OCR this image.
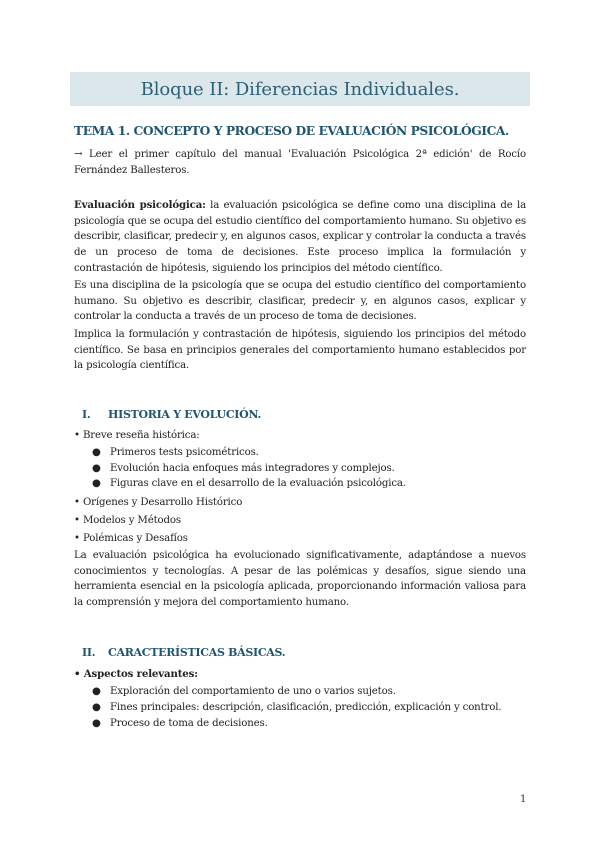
Bloque II: Diferencias Individuales.
TEMA 1. CONCEPTO Y PROCESO DE EVALUACIÓN PSICOLÓGICA.
→ Leer el primer capítulo del manual 'Evaluación Psicológica 2ª edición' de Rocío Fernández Ballesteros.
Evaluación psicológica: la evaluación psicológica se define como una disciplina de la psicología que se ocupa del estudio científico del comportamiento humano. Su objetivo es describir, clasificar, predecir y, en algunos casos, explicar y controlar la conducta a través de un proceso de toma de decisiones. Este proceso implica la formulación y contrastación de hipótesis, siguiendo los principios del método científico.
Es una disciplina de la psicología que se ocupa del estudio científico del comportamiento humano. Su objetivo es describir, clasificar, predecir y, en algunos casos, explicar y controlar la conducta a través de un proceso de toma de decisiones.
Implica la formulación y contrastación de hipótesis, siguiendo los principios del método científico. Se basa en principios generales del comportamiento humano establecidos por la psicología científica.
I. HISTORIA Y EVOLUCIÓN.
• Breve reseña histórica:
● Primeros tests psicométricos.
● Evolución hacia enfoques más integradores y complejos.
● Figuras clave en el desarrollo de la evaluación psicológica.
• Orígenes y Desarrollo Histórico
• Modelos y Métodos
• Polémicas y Desafíos
La evaluación psicológica ha evolucionado significativamente, adaptándose a nuevos conocimientos y tecnologías. A pesar de las polémicas y desafíos, sigue siendo una herramienta esencial en la psicología aplicada, proporcionando información valiosa para la comprensión y mejora del comportamiento humano.
II. CARACTERÍSTICAS BÁSICAS.
• Aspectos relevantes:
● Exploración del comportamiento de uno o varios sujetos.
● Fines principales: descripción, clasificación, predicción, explicación y control.
● Proceso de toma de decisiones.
1
